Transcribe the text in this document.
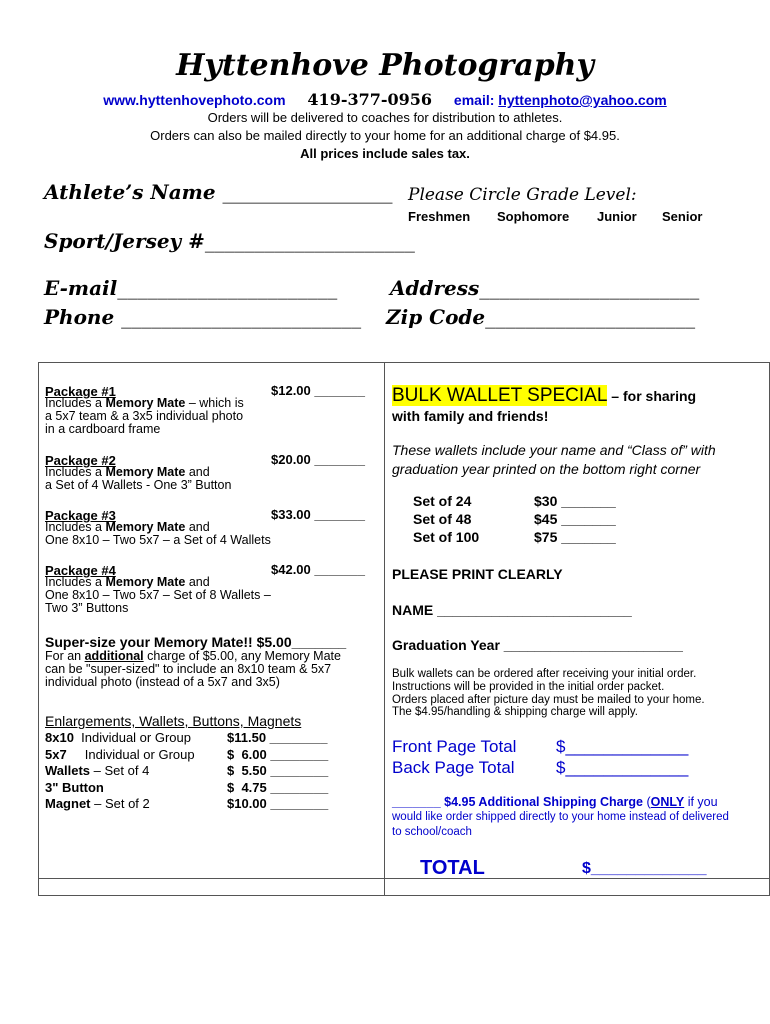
Hyttenhove Photography
www.hyttenhovephoto.com 419-377-0956 email: hyttenphoto@yahoo.com
Orders will be delivered to coaches for distribution to athletes.
Orders can also be mailed directly to your home for an additional charge of $4.95.
All prices include sales tax.
Athlete’s Name _________________ Please Circle Grade Level:
Freshmen Sophomore Junior Senior
Sport/Jersey #_____________________
E-mail______________________	Address______________________
Phone ________________________ Zip Code_____________________
Package #1	$12.00 _______
Includes a Memory Mate – which is
a 5x7 team & a 3x5 individual photo
in a cardboard frame
Package #2	$20.00 _______
Includes a Memory Mate and
a Set of 4 Wallets - One 3” Button
Package #3	$33.00 _______
Includes a Memory Mate and
One 8x10 – Two 5x7 – a Set of 4 Wallets
Package #4	$42.00 _______
Includes a Memory Mate and
One 8x10 – Two 5x7 – Set of 8 Wallets –
Two 3” Buttons
Super-size your Memory Mate!! $5.00_______
For an additional charge of $5.00, any Memory Mate
can be "super-sized" to include an 8x10 team & 5x7
individual photo (instead of a 5x7 and 3x5)
Enlargements, Wallets, Buttons, Magnets
8x10  Individual or Group	$11.50 ________
5x7     Individual or Group $  6.00 ________
Wallets – Set of 4	$  5.50 ________
3" Button	$  4.75 ________
Magnet – Set of 2	$10.00 ________
BULK WALLET SPECIAL – for sharing
with family and friends!
These wallets include your name and “Class of” with
graduation year printed on the bottom right corner
Set of 24	$30 _______
Set of 48	$45 _______
Set of 100	$75 _______
PLEASE PRINT CLEARLY
NAME _________________________
Graduation Year _______________________
Bulk wallets can be ordered after receiving your initial order.
Instructions will be provided in the initial order packet.
Orders placed after picture day must be mailed to your home.
The $4.95/handling & shipping charge will apply.
Front Page Total $_____________
Back Page Total $_____________
_______ $4.95 Additional Shipping Charge (ONLY if you
would like order shipped directly to your home instead of delivered
to school/coach
TOTAL	$_____________
